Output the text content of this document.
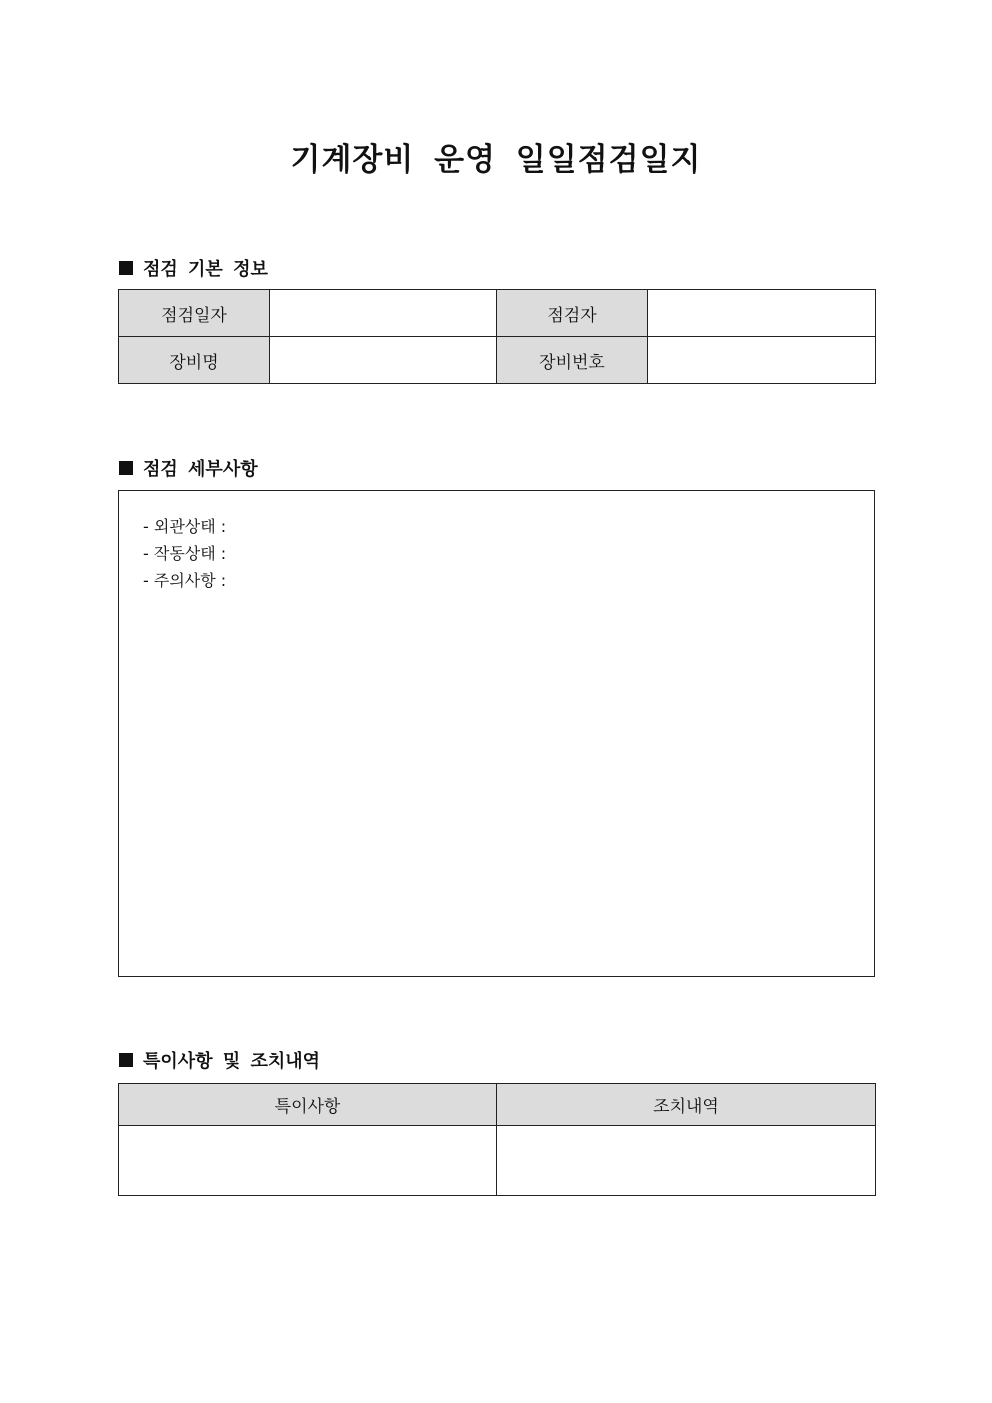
기계장비 운영 일일점검일지
점검 기본 정보
점검일자		점검자	
장비명		장비번호	
점검 세부사항
- 외관상태 :
- 작동상태 :
- 주의사항 :
특이사항 및 조치내역
특이사항	조치내역
